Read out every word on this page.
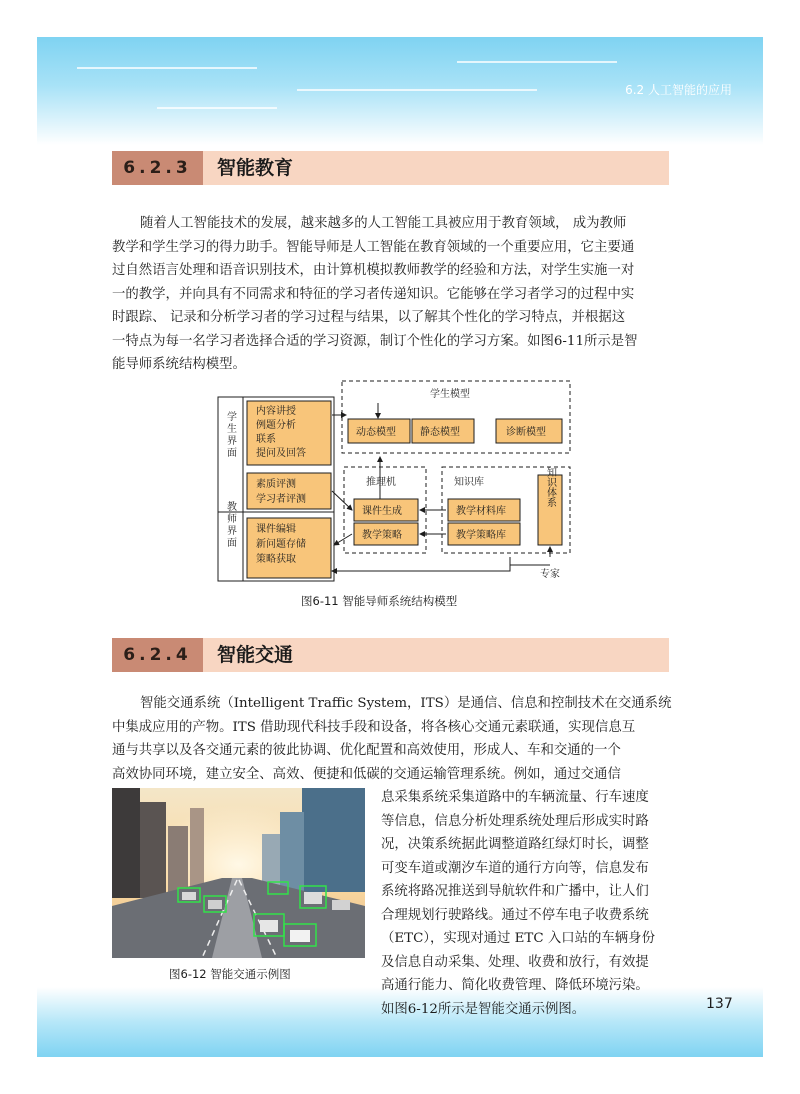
6.2 人工智能的应用
6.2.3	智能教育
随着人工智能技术的发展，越来越多的人工智能工具被应用于教育领域， 成为教师
教学和学生学习的得力助手。智能导师是人工智能在教育领域的一个重要应用，它主要通
过自然语言处理和语音识别技术，由计算机模拟教师教学的经验和方法，对学生实施一对
一的教学，并向具有不同需求和特征的学习者传递知识。它能够在学习者学习的过程中实
时跟踪、 记录和分析学习者的学习过程与结果，以了解其个性化的学习特点，并根据这
一特点为每一名学习者选择合适的学习资源，制订个性化的学习方案。如图6-11所示是智
能导师系统结构模型。
学生界面
教师界面
内容讲授
例题分析
联系
提问及回答
素质评测
学习者评测
课件编辑
新问题存储
策略获取
学生模型
动态模型 静态模型	诊断模型
推理机
课件生成
教学策略
知识库
教学材料库
教学策略库
知识体系
专家
图6-11 智能导师系统结构模型
6.2.4	智能交通
智能交通系统（Intelligent Traffic System，ITS）是通信、信息和控制技术在交通系统
中集成应用的产物。ITS 借助现代科技手段和设备，将各核心交通元素联通，实现信息互
通与共享以及各交通元素的彼此协调、优化配置和高效使用，形成人、车和交通的一个
高效协同环境，建立安全、高效、便捷和低碳的交通运输管理系统。例如，通过交通信
息采集系统采集道路中的车辆流量、行车速度
等信息，信息分析处理系统处理后形成实时路
况，决策系统据此调整道路红绿灯时长，调整
可变车道或潮汐车道的通行方向等，信息发布
系统将路况推送到导航软件和广播中，让人们
合理规划行驶路线。通过不停车电子收费系统
（ETC），实现对通过 ETC 入口站的车辆身份
及信息自动采集、处理、收费和放行，有效提
高通行能力、简化收费管理、降低环境污染。
如图6-12所示是智能交通示例图。
图6-12 智能交通示例图
137
